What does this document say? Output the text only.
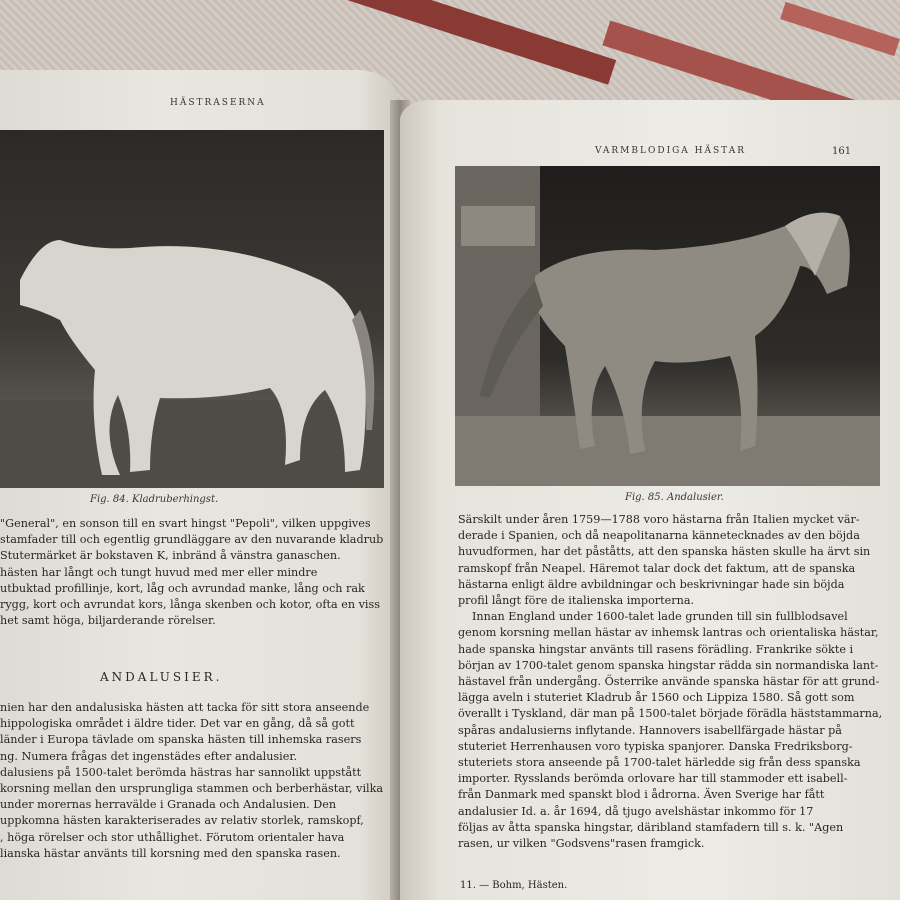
HÄSTRASERNA
Fig. 84. Kladruberhingst.
"General", en sonson till en svart hingst "Pepoli", vilken uppgives
stamfader till och egentlig grundläggare av den nuvarande kladrub
Stutermärket är bokstaven K, inbränd å vänstra ganaschen.
hästen har långt och tungt huvud med mer eller mindre
utbuktad profillinje, kort, låg och avrundad manke, lång och rak
rygg, kort och avrundat kors, långa skenben och kotor, ofta en viss
het samt höga, biljarderande rörelser.
ANDALUSIER.
nien har den andalusiska hästen att tacka för sitt stora anseende
hippologiska området i äldre tider. Det var en gång, då så gott
länder i Europa tävlade om spanska hästen till inhemska rasers
ng. Numera frågas det ingenstädes efter andalusier.
dalusiens på 1500-talet berömda hästras har sannolikt uppstått
korsning mellan den ursprungliga stammen och berberhästar, vilka
under morernas herravälde i Granada och Andalusien. Den
uppkomna hästen karakteriserades av relativ storlek, ramskopf,
, höga rörelser och stor uthållighet. Förutom orientaler hava
lianska hästar använts till korsning med den spanska rasen.
VARMBLODIGA HÄSTAR	161
Fig. 85. Andalusier.
Särskilt under åren 1759—1788 voro hästarna från Italien mycket vär-
derade i Spanien, och då neapolitanarna kännetecknades av den böjda
huvudformen, har det påståtts, att den spanska hästen skulle ha ärvt sin
ramskopf från Neapel. Häremot talar dock det faktum, att de spanska
hästarna enligt äldre avbildningar och beskrivningar hade sin böjda
profil långt före de italienska importerna.
Innan England under 1600-talet lade grunden till sin fullblodsavel
genom korsning mellan hästar av inhemsk lantras och orientaliska hästar,
hade spanska hingstar använts till rasens förädling. Frankrike sökte i
början av 1700-talet genom spanska hingstar rädda sin normandiska lant-
hästavel från undergång. Österrike använde spanska hästar för att grund-
lägga aveln i stuteriet Kladrub år 1560 och Lippiza 1580. Så gott som
överallt i Tyskland, där man på 1500-talet började förädla häststammarna,
spåras andalusierns inflytande. Hannovers isabellfärgade hästar på
stuteriet Herrenhausen voro typiska spanjorer. Danska Fredriksborg-
stuteriets stora anseende på 1700-talet härledde sig från dess spanska
importer. Rysslands berömda orlovare har till stammoder ett isabell-
från Danmark med spanskt blod i ådrorna. Även Sverige har fått
andalusier Id. a. år 1694, då tjugo avelshästar inkommo för 17
följas av åtta spanska hingstar, däribland stamfadern till s. k. "Agen
rasen, ur vilken "Godsvens"rasen framgick.
11. — Bohm, Hästen.
